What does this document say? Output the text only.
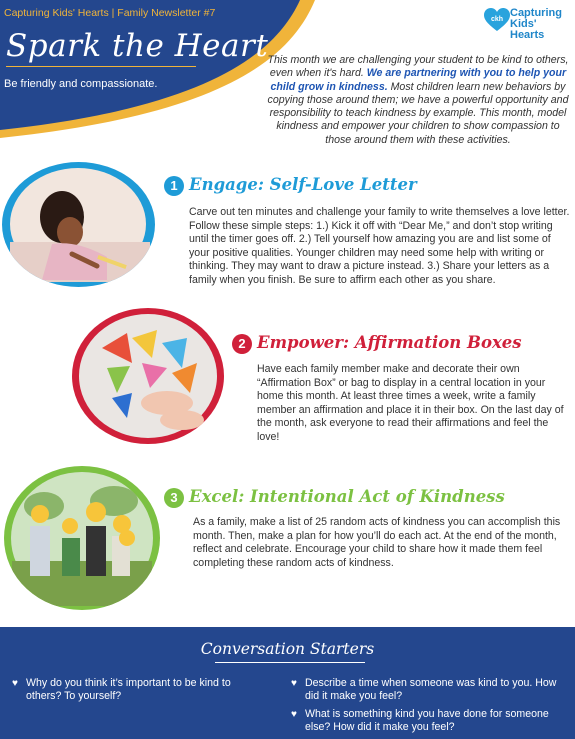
Capturing Kids' Hearts | Family Newsletter #7
Spark the Heart
Be friendly and compassionate.
ckh
Capturing
Kids' Hearts
This month we are challenging your student to be kind to others, even when it's hard. We are partnering with you to help your child grow in kindness. Most children learn new behaviors by copying those around them; we have a powerful opportunity and responsibility to teach kindness by example. This month, model kindness and empower your children to show compassion to those around them with these activities.
1 Engage: Self-Love Letter
Carve out ten minutes and challenge your family to write themselves a love letter. Follow these simple steps: 1.) Kick it off with “Dear Me,” and don’t stop writing until the timer goes off. 2.) Tell yourself how amazing you are and list some of your positive qualities. Younger children may need some help with writing or thinking. They may want to draw a picture instead. 3.) Share your letters as a family when you finish. Be sure to affirm each other as you share.
2 Empower: Affirmation Boxes
Have each family member make and decorate their own “Affirmation Box” or bag to display in a central location in your home this month. At least three times a week, write a family member an affirmation and place it in their box. On the last day of the month, ask everyone to read their affirmations and feel the love!
3 Excel: Intentional Act of Kindness
As a family, make a list of 25 random acts of kindness you can accomplish this month. Then, make a plan for how you’ll do each act. At the end of the month, reflect and celebrate. Encourage your child to share how it made them feel completing these random acts of kindness.
Conversation Starters
♥ Why do you think it’s important to be kind to others? To yourself?
♥ Describe a time when someone was kind to you. How did it make you feel?
♥ What is something kind you have done for someone else? How did it make you feel?
